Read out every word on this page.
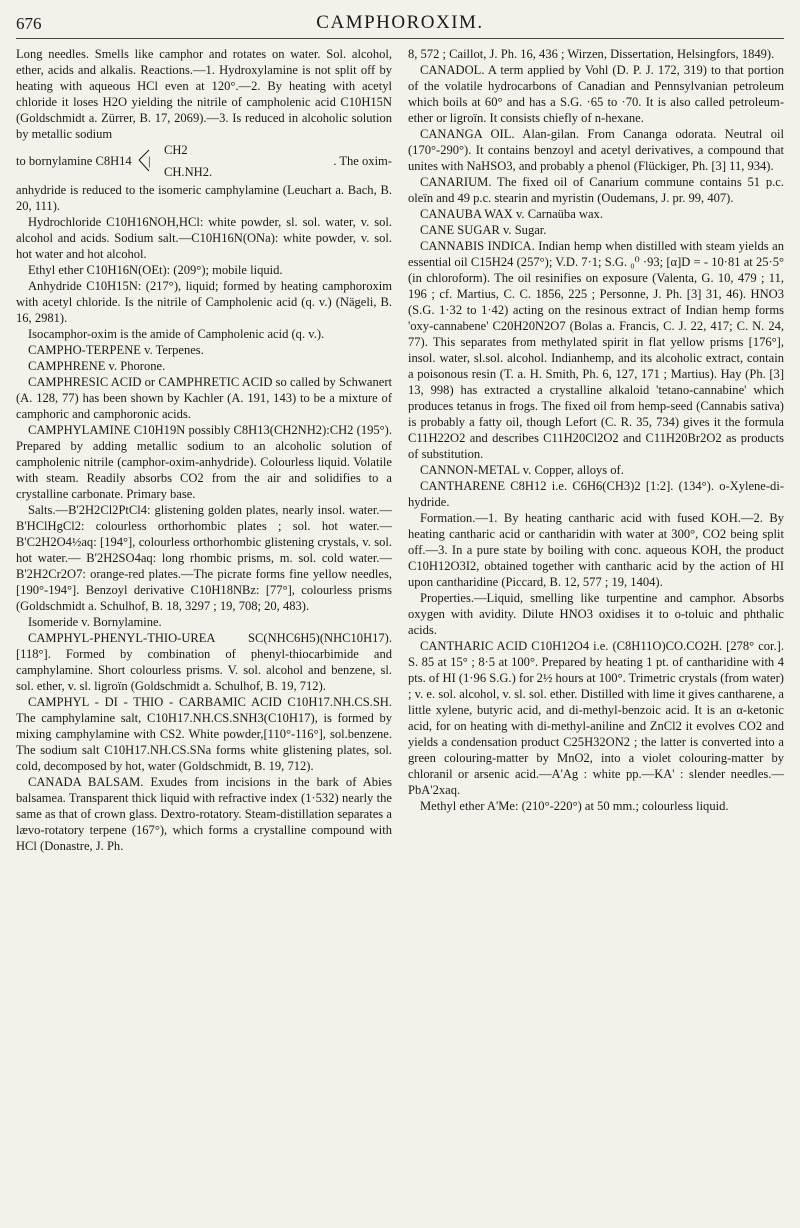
676	CAMPHOROXIM.

Long needles. Smells like camphor and rotates on water. Sol. alcohol, ether, acids and alkalis. Reactions.—1. Hydroxylamine is not split off by heating with aqueous HCl even at 120°.—2. By heating with acetyl chloride it loses H2O yielding the nitrile of campholenic acid C10H15N (Goldschmidt a. Zürrer, B. 17, 2069).—3. Is reduced in alcoholic solution by metallic sodium

to bornylamine C8H14
CH2
|
CH.NH2.
. The oxim-

anhydride is reduced to the isomeric camphylamine (Leuchart a. Bach, B. 20, 111).

Hydrochloride C10H16NOH,HCl: white powder, sl. sol. water, v. sol. alcohol and acids. Sodium salt.—C10H16N(ONa): white powder, v. sol. hot water and hot alcohol.

Ethyl ether C10H16N(OEt): (209°); mobile liquid.

Anhydride C10H15N: (217°), liquid; formed by heating camphoroxim with acetyl chloride. Is the nitrile of Campholenic acid (q. v.) (Nägeli, B. 16, 2981).

Isocamphor-oxim is the amide of Campholenic acid (q. v.).

CAMPHO-TERPENE v. Terpenes.

CAMPHRENE v. Phorone.

CAMPHRESIC ACID or CAMPHRETIC ACID so called by Schwanert (A. 128, 77) has been shown by Kachler (A. 191, 143) to be a mixture of camphoric and camphoronic acids.

CAMPHYLAMINE C10H19N possibly C8H13(CH2NH2):CH2 (195°). Prepared by adding metallic sodium to an alcoholic solution of campholenic nitrile (camphor-oxim-anhydride). Colourless liquid. Volatile with steam. Readily absorbs CO2 from the air and solidifies to a crystalline carbonate. Primary base.

Salts.—B'2H2Cl2PtCl4: glistening golden plates, nearly insol. water.—B'HClHgCl2: colourless orthorhombic plates ; sol. hot water.— B'C2H2O4½aq: [194°], colourless orthorhombic glistening crystals, v. sol. hot water.— B'2H2SO4aq: long rhombic prisms, m. sol. cold water.—B'2H2Cr2O7: orange-red plates.—The picrate forms fine yellow needles, [190°-194°]. Benzoyl derivative C10H18NBz: [77°], colourless prisms (Goldschmidt a. Schulhof, B. 18, 3297 ; 19, 708; 20, 483).

Isomeride v. Bornylamine.

CAMPHYL-PHENYL-THIO-UREA SC(NHC6H5)(NHC10H17). [118°]. Formed by combination of phenyl-thiocarbimide and camphylamine. Short colourless prisms. V. sol. alcohol and benzene, sl. sol. ether, v. sl. ligroïn (Goldschmidt a. Schulhof, B. 19, 712).

CAMPHYL - DI - THIO - CARBAMIC ACID C10H17.NH.CS.SH. The camphylamine salt, C10H17.NH.CS.SNH3(C10H17), is formed by mixing camphylamine with CS2. White powder,[110°-116°], sol.benzene. The sodium salt C10H17.NH.CS.SNa forms white glistening plates, sol. cold, decomposed by hot, water (Goldschmidt, B. 19, 712).

CANADA BALSAM. Exudes from incisions in the bark of Abies balsamea. Transparent thick liquid with refractive index (1·532) nearly the same as that of crown glass. Dextro-rotatory. Steam-distillation separates a lævo-rotatory terpene (167°), which forms a crystalline compound with HCl (Donastre, J. Ph.

8, 572 ; Caillot, J. Ph. 16, 436 ; Wirzen, Dissertation, Helsingfors, 1849).

CANADOL. A term applied by Vohl (D. P. J. 172, 319) to that portion of the volatile hydrocarbons of Canadian and Pennsylvanian petroleum which boils at 60° and has a S.G. ·65 to ·70. It is also called petroleum-ether or ligroïn. It consists chiefly of n-hexane.

CANANGA OIL. Alan-gilan. From Cananga odorata. Neutral oil (170°-290°). It contains benzoyl and acetyl derivatives, a compound that unites with NaHSO3, and probably a phenol (Flückiger, Ph. [3] 11, 934).

CANARIUM. The fixed oil of Canarium commune contains 51 p.c. oleïn and 49 p.c. stearin and myristin (Oudemans, J. pr. 99, 407).

CANAUBA WAX v. Carnaüba wax.

CANE SUGAR v. Sugar.

CANNABIS INDICA. Indian hemp when distilled with steam yields an essential oil C15H24 (257°); V.D. 7·1; S.G. ₀⁰ ·93; [α]D = - 10·81 at 25·5° (in chloroform). The oil resinifies on exposure (Valenta, G. 10, 479 ; 11, 196 ; cf. Martius, C. C. 1856, 225 ; Personne, J. Ph. [3] 31, 46). HNO3 (S.G. 1·32 to 1·42) acting on the resinous extract of Indian hemp forms 'oxy-cannabene' C20H20N2O7 (Bolas a. Francis, C. J. 22, 417; C. N. 24, 77). This separates from methylated spirit in flat yellow prisms [176°], insol. water, sl.sol. alcohol. Indianhemp, and its alcoholic extract, contain a poisonous resin (T. a. H. Smith, Ph. 6, 127, 171 ; Martius). Hay (Ph. [3] 13, 998) has extracted a crystalline alkaloid 'tetano-cannabine' which produces tetanus in frogs. The fixed oil from hemp-seed (Cannabis sativa) is probably a fatty oil, though Lefort (C. R. 35, 734) gives it the formula C11H22O2 and describes C11H20Cl2O2 and C11H20Br2O2 as products of substitution.

CANNON-METAL v. Copper, alloys of.

CANTHARENE C8H12 i.e. C6H6(CH3)2 [1:2]. (134°). o-Xylene-di-hydride.

Formation.—1. By heating cantharic acid with fused KOH.—2. By heating cantharic acid or cantharidin with water at 300°, CO2 being split off.—3. In a pure state by boiling with conc. aqueous KOH, the product C10H12O3I2, obtained together with cantharic acid by the action of HI upon cantharidine (Piccard, B. 12, 577 ; 19, 1404).

Properties.—Liquid, smelling like turpentine and camphor. Absorbs oxygen with avidity. Dilute HNO3 oxidises it to o-toluic and phthalic acids.

CANTHARIC ACID C10H12O4 i.e. (C8H11O)CO.CO2H. [278° cor.]. S. 85 at 15° ; 8·5 at 100°. Prepared by heating 1 pt. of cantharidine with 4 pts. of HI (1·96 S.G.) for 2½ hours at 100°. Trimetric crystals (from water) ; v. e. sol. alcohol, v. sl. sol. ether. Distilled with lime it gives cantharene, a little xylene, butyric acid, and di-methyl-benzoic acid. It is an α-ketonic acid, for on heating with di-methyl-aniline and ZnCl2 it evolves CO2 and yields a condensation product C25H32ON2 ; the latter is converted into a green colouring-matter by MnO2, into a violet colouring-matter by chloranil or arsenic acid.—A'Ag : white pp.—KA' : slender needles.—PbA'2xaq.

Methyl ether A'Me: (210°-220°) at 50 mm.; colourless liquid.
